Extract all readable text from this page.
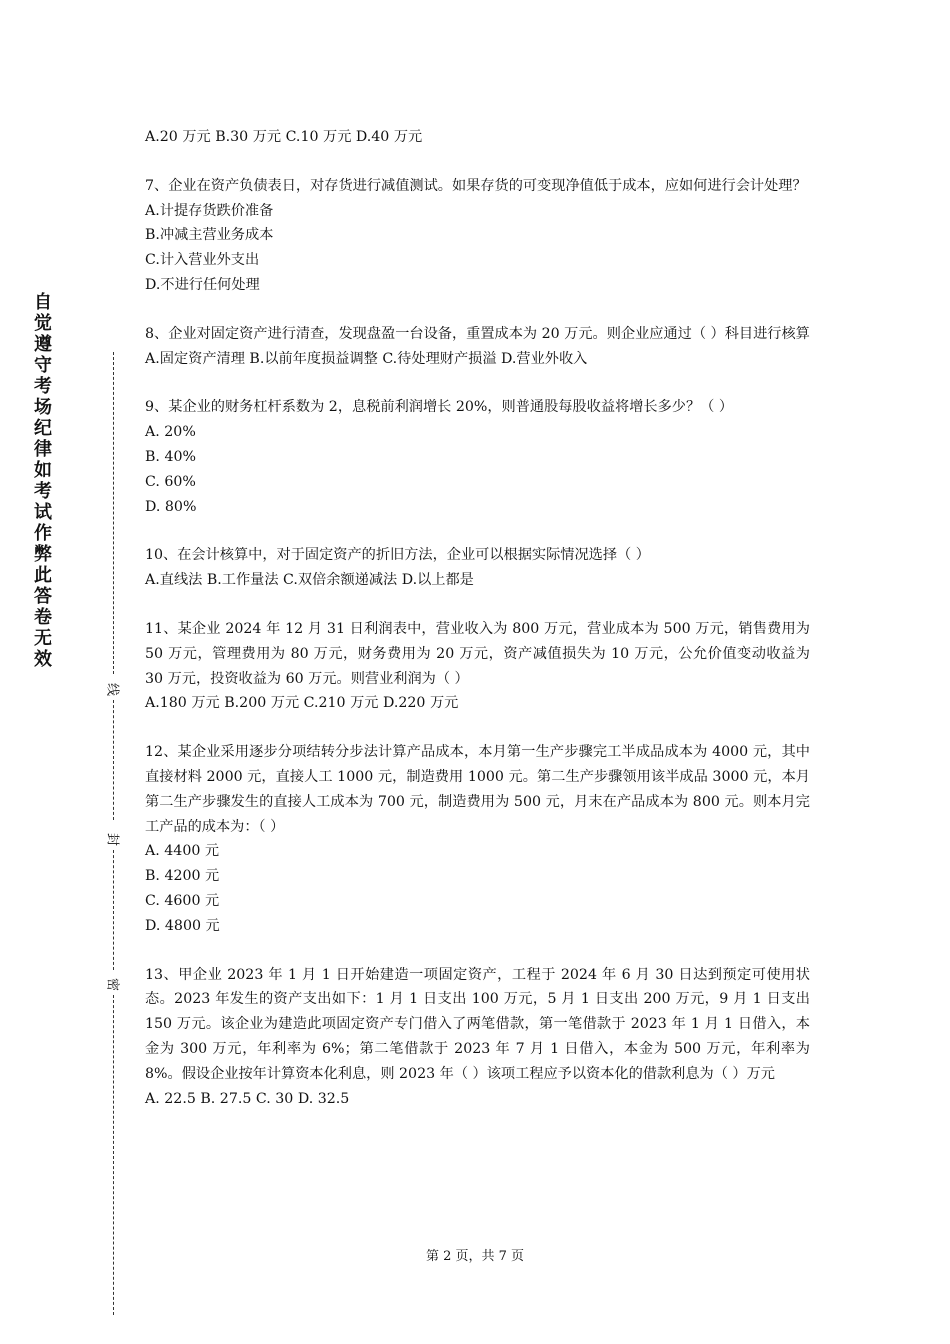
自觉遵守考场纪律如考试作弊此答卷无效
线
封
密

A.20 万元 B.30 万元 C.10 万元 D.40 万元

7、企业在资产负债表日，对存货进行减值测试。如果存货的可变现净值低于成本，应如何进行会计处理？

A.计提存货跌价准备

B.冲减主营业务成本

C.计入营业外支出

D.不进行任何处理

8、企业对固定资产进行清查，发现盘盈一台设备，重置成本为 20 万元。则企业应通过（ ）科目进行核算

A.固定资产清理 B.以前年度损益调整 C.待处理财产损溢 D.营业外收入

9、某企业的财务杠杆系数为 2，息税前利润增长 20%，则普通股每股收益将增长多少？（ ）

A. 20%

B. 40%

C. 60%

D. 80%

10、在会计核算中，对于固定资产的折旧方法，企业可以根据实际情况选择（ ）

A.直线法 B.工作量法 C.双倍余额递减法 D.以上都是

11、某企业 2024 年 12 月 31 日利润表中，营业收入为 800 万元，营业成本为 500 万元，销售费用为 50 万元，管理费用为 80 万元，财务费用为 20 万元，资产减值损失为 10 万元，公允价值变动收益为 30 万元，投资收益为 60 万元。则营业利润为（ ）

A.180 万元 B.200 万元 C.210 万元 D.220 万元

12、某企业采用逐步分项结转分步法计算产品成本，本月第一生产步骤完工半成品成本为 4000 元，其中直接材料 2000 元，直接人工 1000 元，制造费用 1000 元。第二生产步骤领用该半成品 3000 元，本月第二生产步骤发生的直接人工成本为 700 元，制造费用为 500 元，月末在产品成本为 800 元。则本月完工产品的成本为：（ ）

A. 4400 元

B. 4200 元

C. 4600 元

D. 4800 元

13、甲企业 2023 年 1 月 1 日开始建造一项固定资产，工程于 2024 年 6 月 30 日达到预定可使用状态。2023 年发生的资产支出如下：1 月 1 日支出 100 万元，5 月 1 日支出 200 万元，9 月 1 日支出 150 万元。该企业为建造此项固定资产专门借入了两笔借款，第一笔借款于 2023 年 1 月 1 日借入，本金为 300 万元，年利率为 6%；第二笔借款于 2023 年 7 月 1 日借入，本金为 500 万元，年利率为 8%。假设企业按年计算资本化利息，则 2023 年（ ）该项工程应予以资本化的借款利息为（ ）万元

A. 22.5 B. 27.5 C. 30 D. 32.5

第 2 页，共 7 页
